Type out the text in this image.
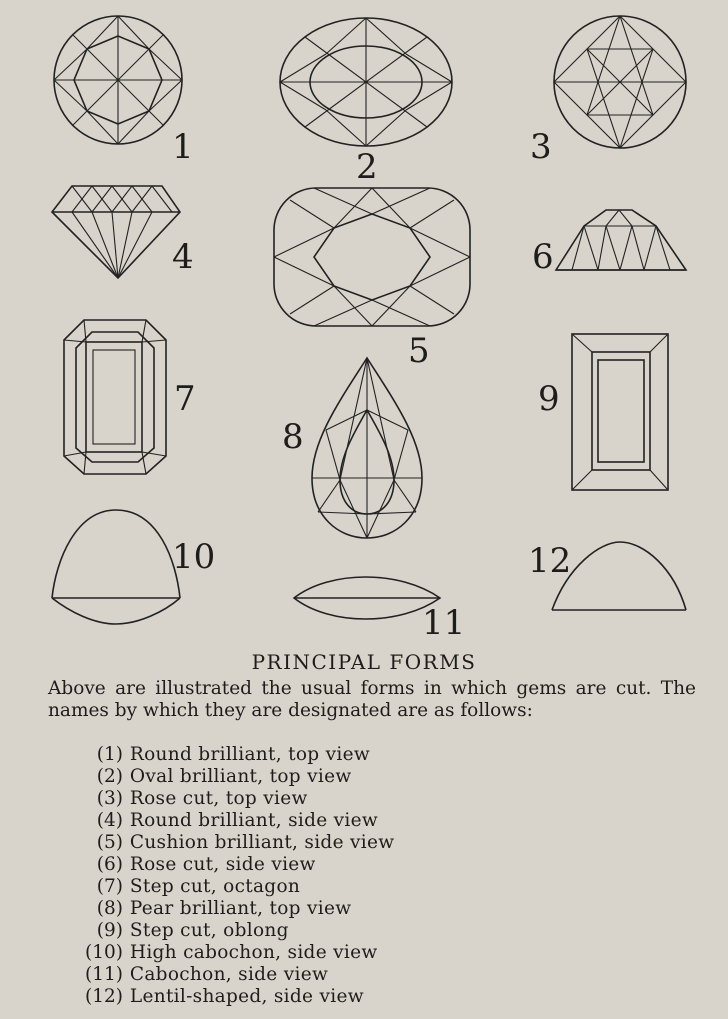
1	2	3
4
5
6
7
8
9
10
11
12
PRINCIPAL FORMS

Above are illustrated the usual forms in which gems are cut. The names by which they are designated are as follows:

(1) Round brilliant, top view
(2) Oval brilliant, top view
(3) Rose cut, top view
(4) Round brilliant, side view
(5) Cushion brilliant, side view
(6) Rose cut, side view
(7) Step cut, octagon
(8) Pear brilliant, top view
(9) Step cut, oblong
(10) High cabochon, side view
(11) Cabochon, side view
(12) Lentil-shaped, side view
